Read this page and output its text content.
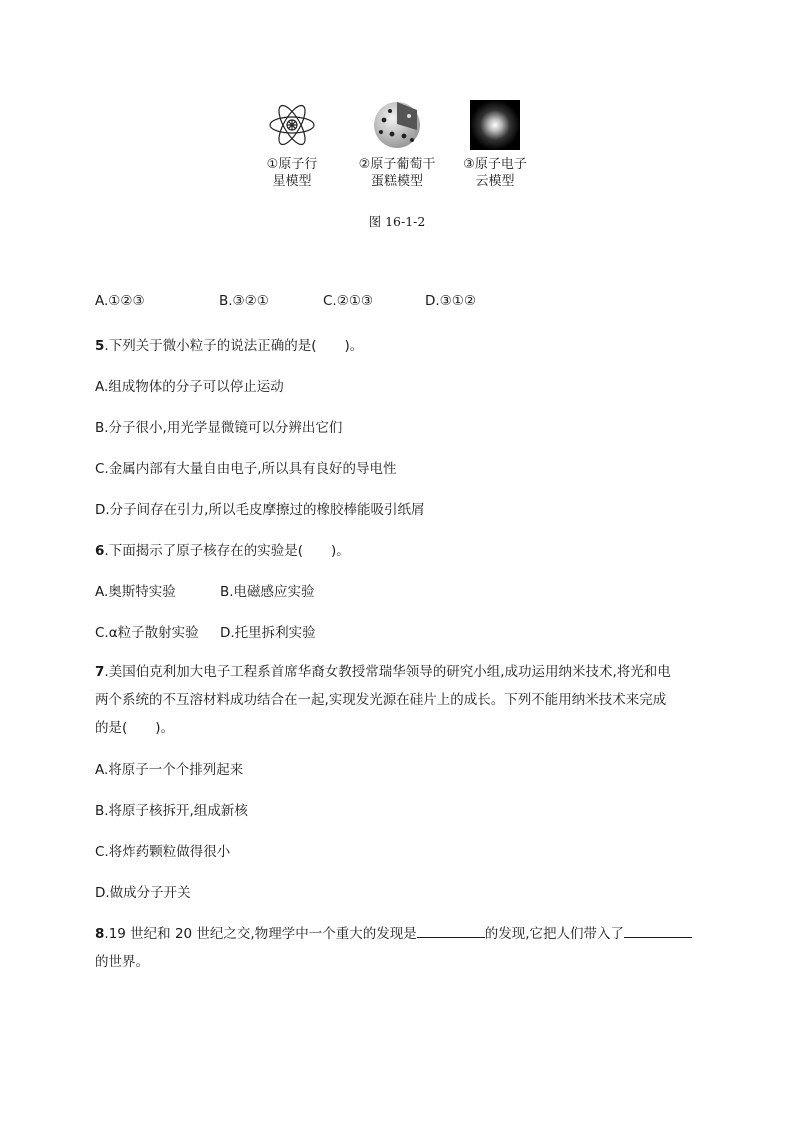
①原子行
星模型
②原子葡萄干
蛋糕模型
③原子电子
云模型
图 16-1-2
A.①②③	B.③②①	C.②①③	D.③①②
5.下列关于微小粒子的说法正确的是( )。
A.组成物体的分子可以停止运动
B.分子很小,用光学显微镜可以分辨出它们
C.金属内部有大量自由电子,所以具有良好的导电性
D.分子间存在引力,所以毛皮摩擦过的橡胶棒能吸引纸屑
6.下面揭示了原子核存在的实验是( )。
A.奥斯特实验	B.电磁感应实验
C.α粒子散射实验 D.托里拆利实验
7.美国伯克利加大电子工程系首席华裔女教授常瑞华领导的研究小组,成功运用纳米技术,将光和电
两个系统的不互溶材料成功结合在一起,实现发光源在硅片上的成长。下列不能用纳米技术来完成
的是( )。
A.将原子一个个排列起来
B.将原子核拆开,组成新核
C.将炸药颗粒做得很小
D.做成分子开关
8.19 世纪和 20 世纪之交,物理学中一个重大的发现是	的发现,它把人们带入了
的世界。
